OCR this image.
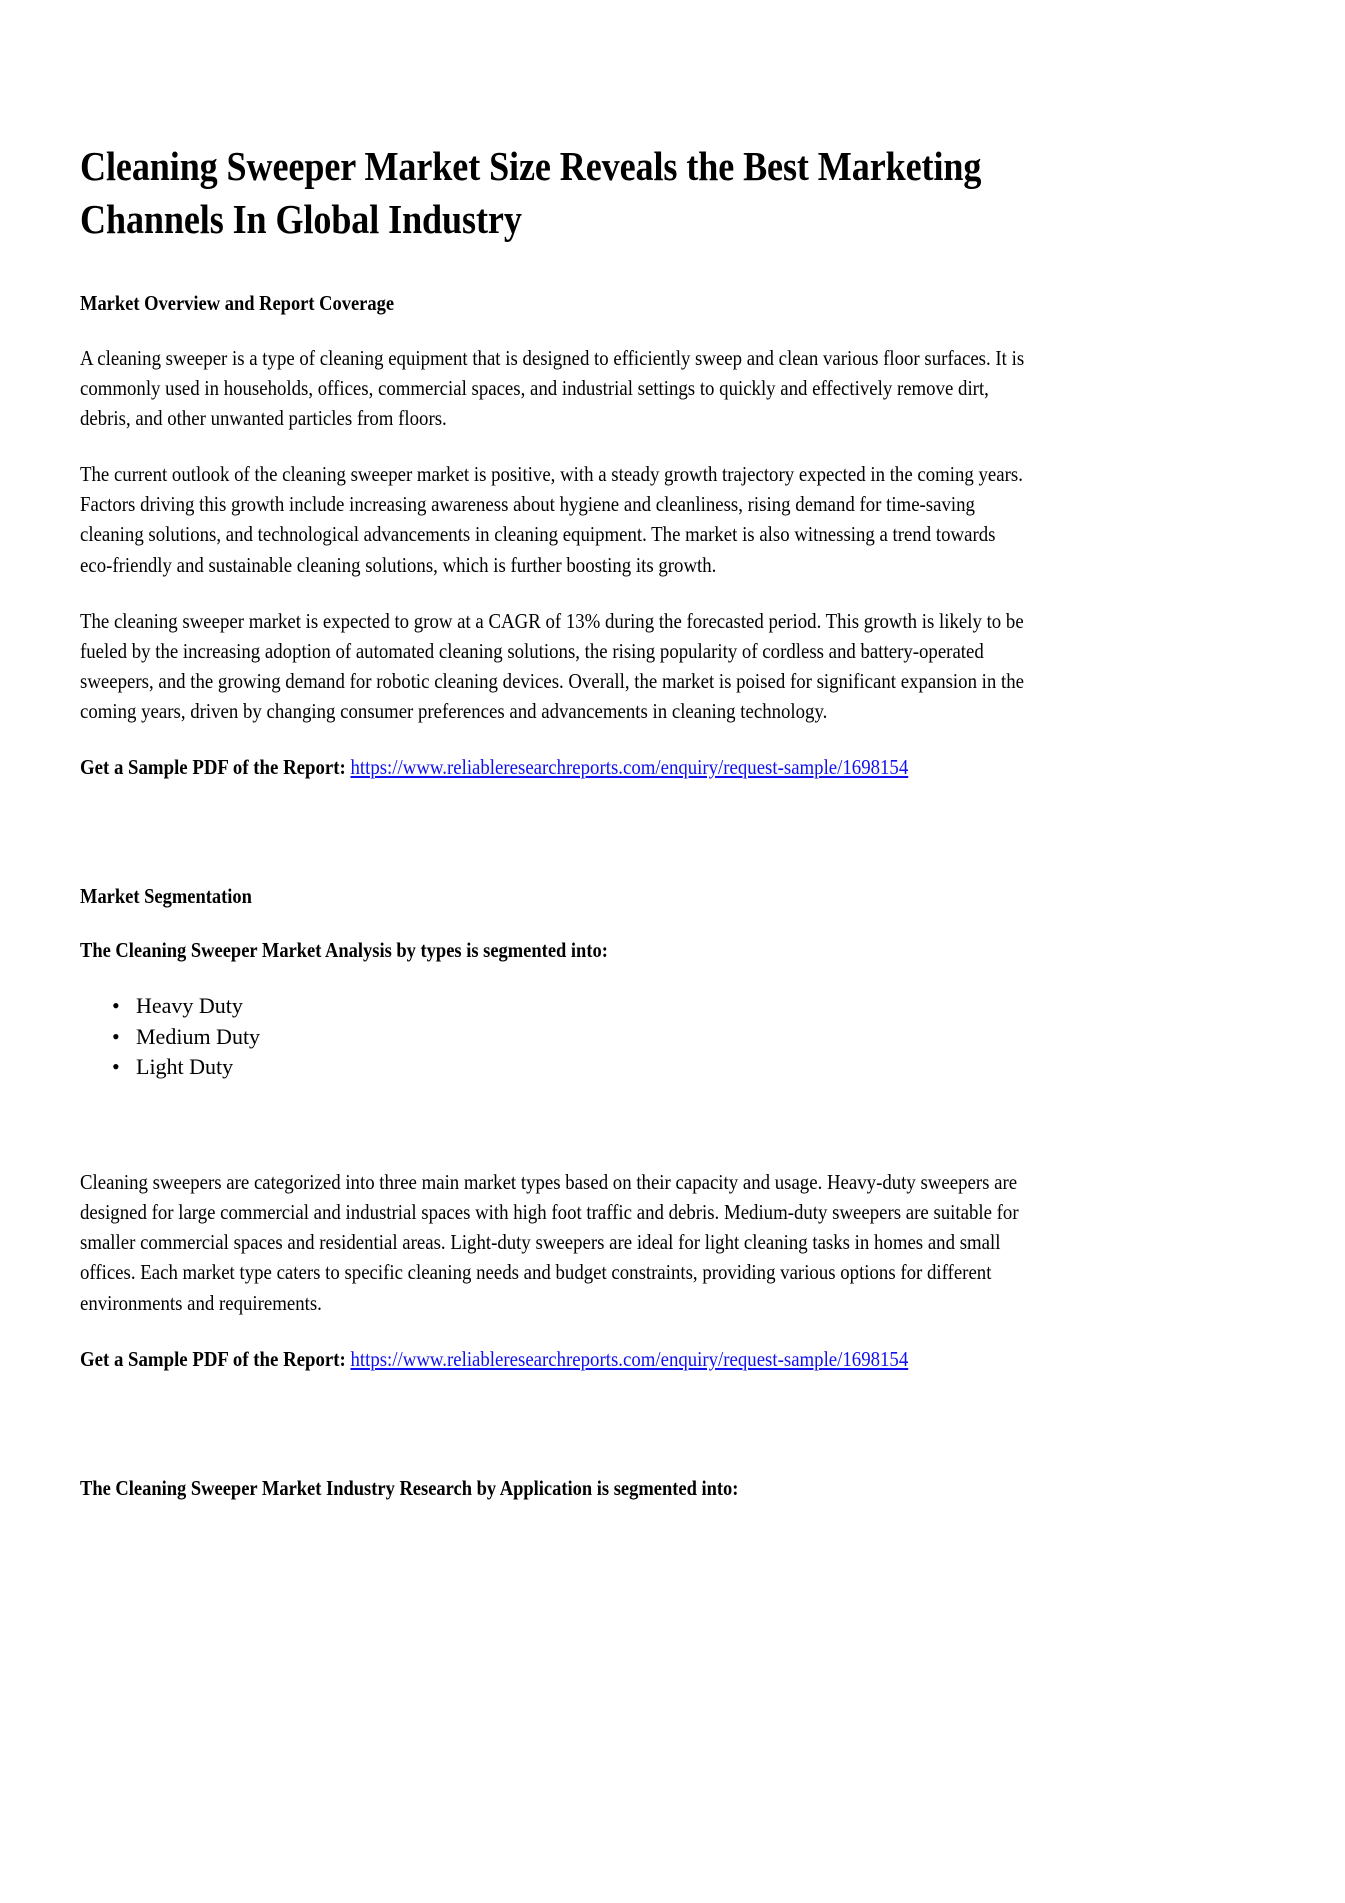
Cleaning Sweeper Market Size Reveals the Best Marketing Channels In Global Industry
Market Overview and Report Coverage

A cleaning sweeper is a type of cleaning equipment that is designed to efficiently sweep and clean various floor surfaces. It is commonly used in households, offices, commercial spaces, and industrial settings to quickly and effectively remove dirt, debris, and other unwanted particles from floors.

The current outlook of the cleaning sweeper market is positive, with a steady growth trajectory expected in the coming years. Factors driving this growth include increasing awareness about hygiene and cleanliness, rising demand for time-saving cleaning solutions, and technological advancements in cleaning equipment. The market is also witnessing a trend towards eco-friendly and sustainable cleaning solutions, which is further boosting its growth.

The cleaning sweeper market is expected to grow at a CAGR of 13% during the forecasted period. This growth is likely to be fueled by the increasing adoption of automated cleaning solutions, the rising popularity of cordless and battery-operated sweepers, and the growing demand for robotic cleaning devices. Overall, the market is poised for significant expansion in the coming years, driven by changing consumer preferences and advancements in cleaning technology.

Get a Sample PDF of the Report: https://www.reliableresearchreports.com/enquiry/request-sample/1698154
Market Segmentation
The Cleaning Sweeper Market Analysis by types is segmented into:
• Heavy Duty
• Medium Duty
• Light Duty

Cleaning sweepers are categorized into three main market types based on their capacity and usage. Heavy-duty sweepers are designed for large commercial and industrial spaces with high foot traffic and debris. Medium-duty sweepers are suitable for smaller commercial spaces and residential areas. Light-duty sweepers are ideal for light cleaning tasks in homes and small offices. Each market type caters to specific cleaning needs and budget constraints, providing various options for different environments and requirements.

Get a Sample PDF of the Report: https://www.reliableresearchreports.com/enquiry/request-sample/1698154
The Cleaning Sweeper Market Industry Research by Application is segmented into:
